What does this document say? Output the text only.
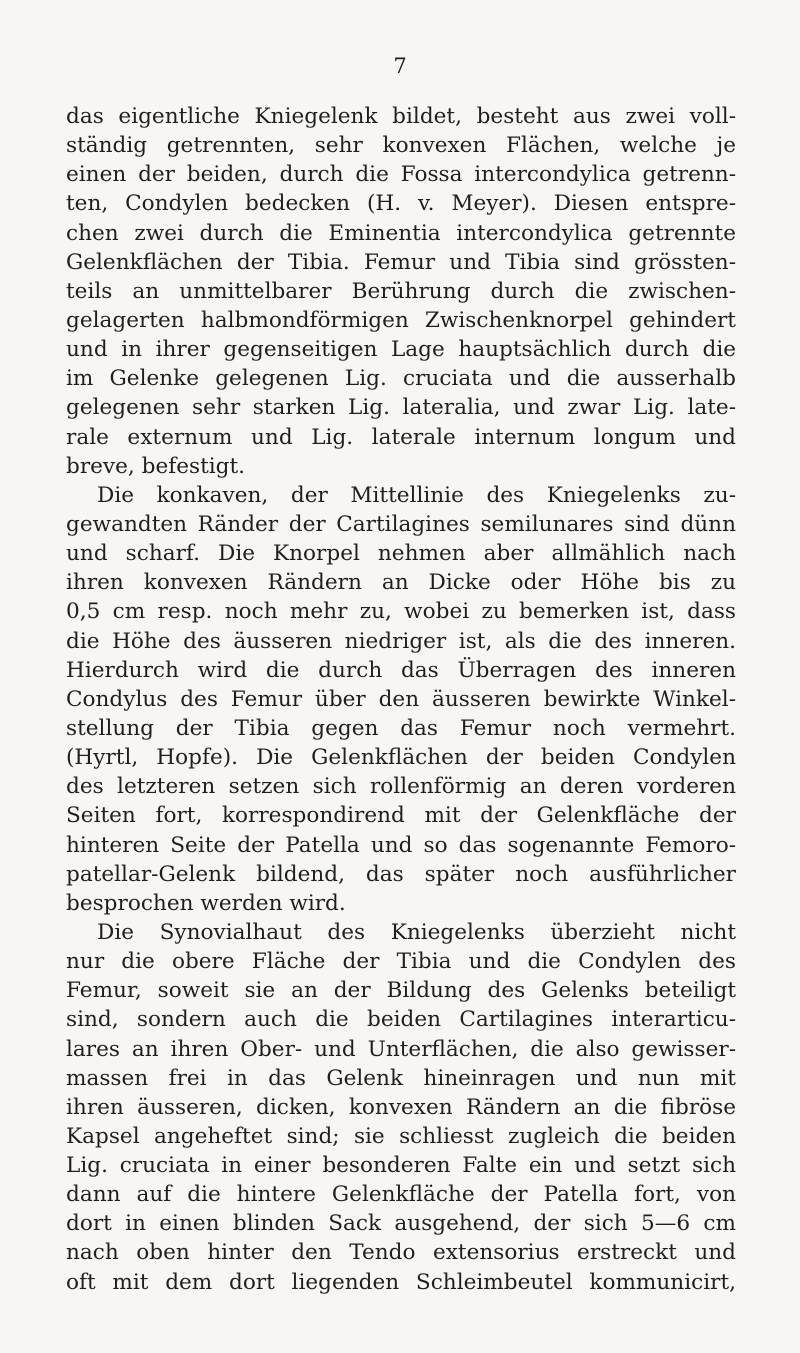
7
das eigentliche Kniegelenk bildet, besteht aus zwei voll-
ständig getrennten, sehr konvexen Flächen, welche je
einen der beiden, durch die Fossa intercondylica getrenn-
ten, Condylen bedecken (H. v. Meyer). Diesen entspre-
chen zwei durch die Eminentia intercondylica getrennte
Gelenkflächen der Tibia. Femur und Tibia sind grössten-
teils an unmittelbarer Berührung durch die zwischen-
gelagerten halbmondförmigen Zwischenknorpel gehindert
und in ihrer gegenseitigen Lage hauptsächlich durch die
im Gelenke gelegenen Lig. cruciata und die ausserhalb
gelegenen sehr starken Lig. lateralia, und zwar Lig. late-
rale externum und Lig. laterale internum longum und
breve, befestigt.
Die konkaven, der Mittellinie des Kniegelenks zu-
gewandten Ränder der Cartilagines semilunares sind dünn
und scharf. Die Knorpel nehmen aber allmählich nach
ihren konvexen Rändern an Dicke oder Höhe bis zu
0,5 cm resp. noch mehr zu, wobei zu bemerken ist, dass
die Höhe des äusseren niedriger ist, als die des inneren.
Hierdurch wird die durch das Überragen des inneren
Condylus des Femur über den äusseren bewirkte Winkel-
stellung der Tibia gegen das Femur noch vermehrt.
(Hyrtl, Hopfe). Die Gelenkflächen der beiden Condylen
des letzteren setzen sich rollenförmig an deren vorderen
Seiten fort, korrespondirend mit der Gelenkfläche der
hinteren Seite der Patella und so das sogenannte Femoro-
patellar-Gelenk bildend, das später noch ausführlicher
besprochen werden wird.
Die Synovialhaut des Kniegelenks überzieht nicht
nur die obere Fläche der Tibia und die Condylen des
Femur, soweit sie an der Bildung des Gelenks beteiligt
sind, sondern auch die beiden Cartilagines interarticu-
lares an ihren Ober- und Unterflächen, die also gewisser-
massen frei in das Gelenk hineinragen und nun mit
ihren äusseren, dicken, konvexen Rändern an die fibröse
Kapsel angeheftet sind; sie schliesst zugleich die beiden
Lig. cruciata in einer besonderen Falte ein und setzt sich
dann auf die hintere Gelenkfläche der Patella fort, von
dort in einen blinden Sack ausgehend, der sich 5—6 cm
nach oben hinter den Tendo extensorius erstreckt und
oft mit dem dort liegenden Schleimbeutel kommunicirt,
